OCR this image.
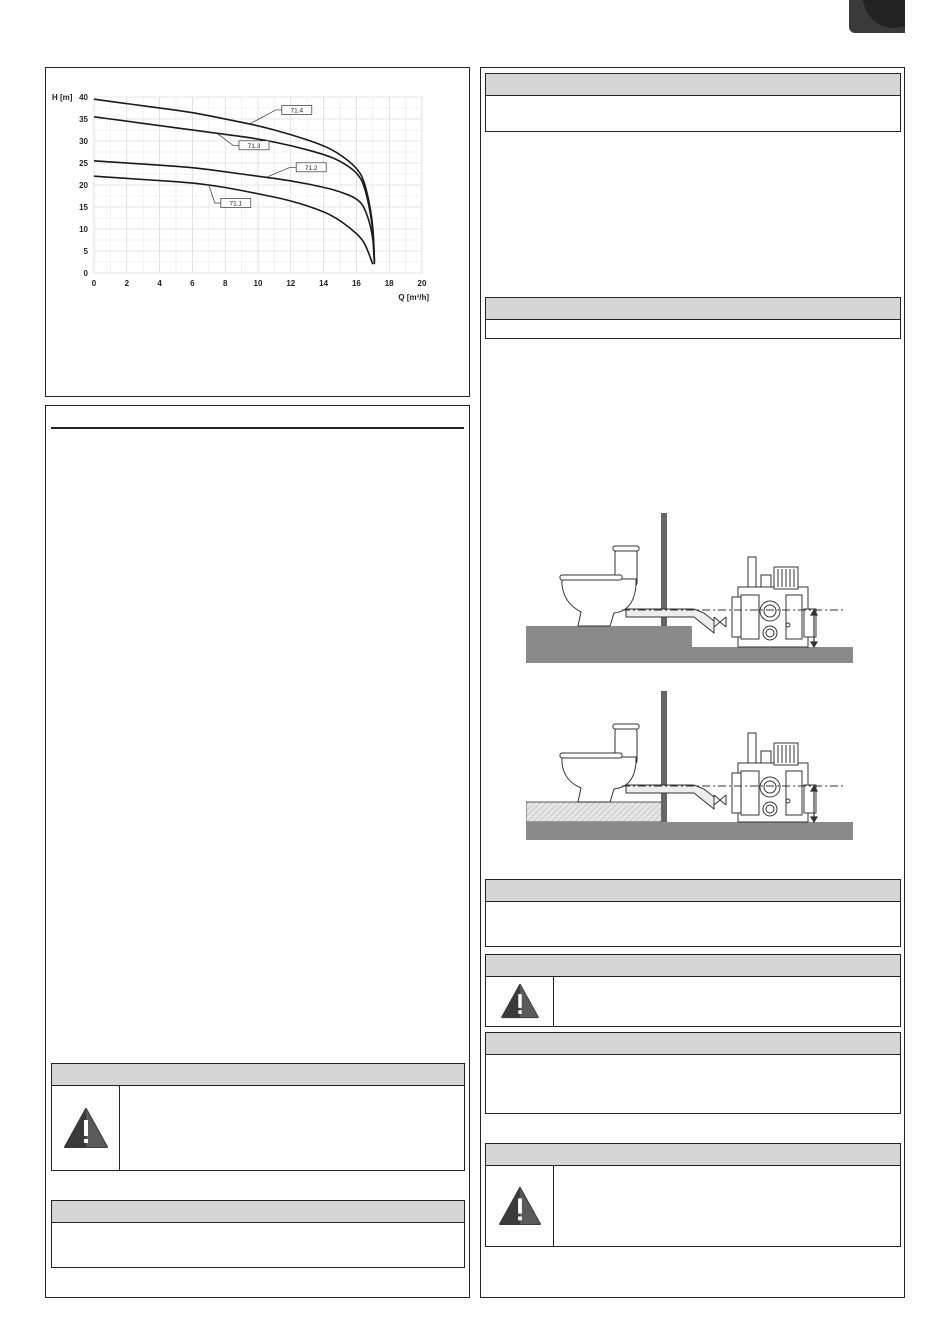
0	2	4	6	8	10	12	14	16	18	20
0
5
10
15
20
25
30
35
40
H [m]
Q [m³/h]
71.4
71.3
71.2
71.1
